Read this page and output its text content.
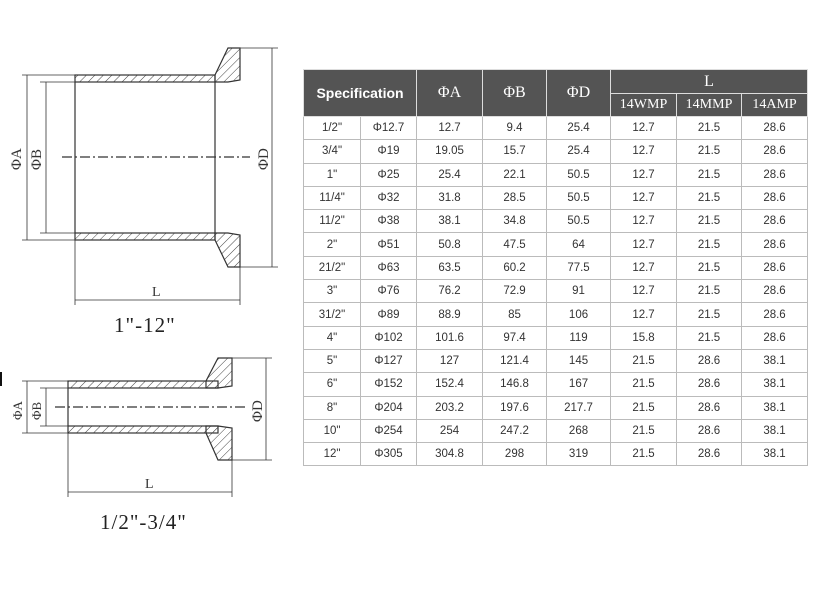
ΦA ΦB	ΦD
L
ΦA ΦB	ΦD
L
1"-12"
1/2"-3/4"
Specification		ΦA	ΦB	ΦD	L		
					14WMP	14MMP	14AMP
1/2"	Φ12.7	12.7	9.4	25.4	12.7	21.5	28.6
3/4"	Φ19	19.05	15.7	25.4	12.7	21.5	28.6
1"	Φ25	25.4	22.1	50.5	12.7	21.5	28.6
11/4"	Φ32	31.8	28.5	50.5	12.7	21.5	28.6
11/2"	Φ38	38.1	34.8	50.5	12.7	21.5	28.6
2"	Φ51	50.8	47.5	64	12.7	21.5	28.6
21/2"	Φ63	63.5	60.2	77.5	12.7	21.5	28.6
3"	Φ76	76.2	72.9	91	12.7	21.5	28.6
31/2"	Φ89	88.9	85	106	12.7	21.5	28.6
4"	Φ102	101.6	97.4	119	15.8	21.5	28.6
5"	Φ127	127	121.4	145	21.5	28.6	38.1
6"	Φ152	152.4	146.8	167	21.5	28.6	38.1
8"	Φ204	203.2	197.6	217.7	21.5	28.6	38.1
10"	Φ254	254	247.2	268	21.5	28.6	38.1
12"	Φ305	304.8	298	319	21.5	28.6	38.1
